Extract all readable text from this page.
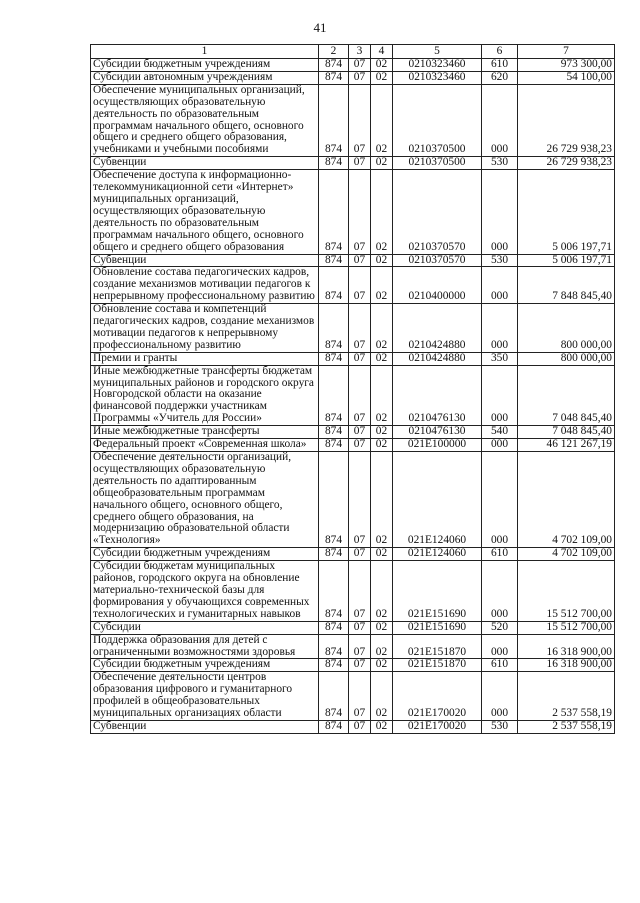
41
1	2	3	4	5	6	7
Субсидии бюджетным учреждениям	874	07	02	0210323460	610	973 300,00
Субсидии автономным учреждениям	874	07	02	0210323460	620	54 100,00
Обеспечение муниципальных организаций, осуществляющих образовательную деятельность по образовательным программам начального общего, основного общего и среднего общего образования, учебниками и учебными пособиями	874	07	02	0210370500	000	26 729 938,23
Субвенции	874	07	02	0210370500	530	26 729 938,23
Обеспечение доступа к информационно-телекоммуникационной сети «Интернет» муниципальных организаций, осуществляющих образовательную деятельность по образовательным программам начального общего, основного общего и среднего общего образования	874	07	02	0210370570	000	5 006 197,71
Субвенции	874	07	02	0210370570	530	5 006 197,71
Обновление состава педагогических кадров, создание механизмов мотивации педагогов к непрерывному профессиональному развитию	874	07	02	0210400000	000	7 848 845,40
Обновление состава и компетенций педагогических кадров, создание механизмов мотивации педагогов к непрерывному профессиональному развитию	874	07	02	0210424880	000	800 000,00
Премии и гранты	874	07	02	0210424880	350	800 000,00
Иные межбюджетные трансферты бюджетам муниципальных районов и городского округа Новгородской области на оказание финансовой поддержки участникам Программы «Учитель для России»	874	07	02	0210476130	000	7 048 845,40
Иные межбюджетные трансферты	874	07	02	0210476130	540	7 048 845,40
Федеральный проект «Современная школа»	874	07	02	021E100000	000	46 121 267,19
Обеспечение деятельности организаций, осуществляющих образовательную деятельность по адаптированным общеобразовательным программам начального общего, основного общего, среднего общего образования, на модернизацию образовательной области «Технология»	874	07	02	021E124060	000	4 702 109,00
Субсидии бюджетным учреждениям	874	07	02	021E124060	610	4 702 109,00
Субсидии бюджетам муниципальных районов, городского округа на обновление материально-технической базы для формирования у обучающихся современных технологических и гуманитарных навыков	874	07	02	021E151690	000	15 512 700,00
Субсидии	874	07	02	021E151690	520	15 512 700,00
Поддержка образования для детей с ограниченными возможностями здоровья	874	07	02	021E151870	000	16 318 900,00
Субсидии бюджетным учреждениям	874	07	02	021E151870	610	16 318 900,00
Обеспечение деятельности центров образования цифрового и гуманитарного профилей в общеобразовательных муниципальных организациях области	874	07	02	021E170020	000	2 537 558,19
Субвенции	874	07	02	021E170020	530	2 537 558,19
